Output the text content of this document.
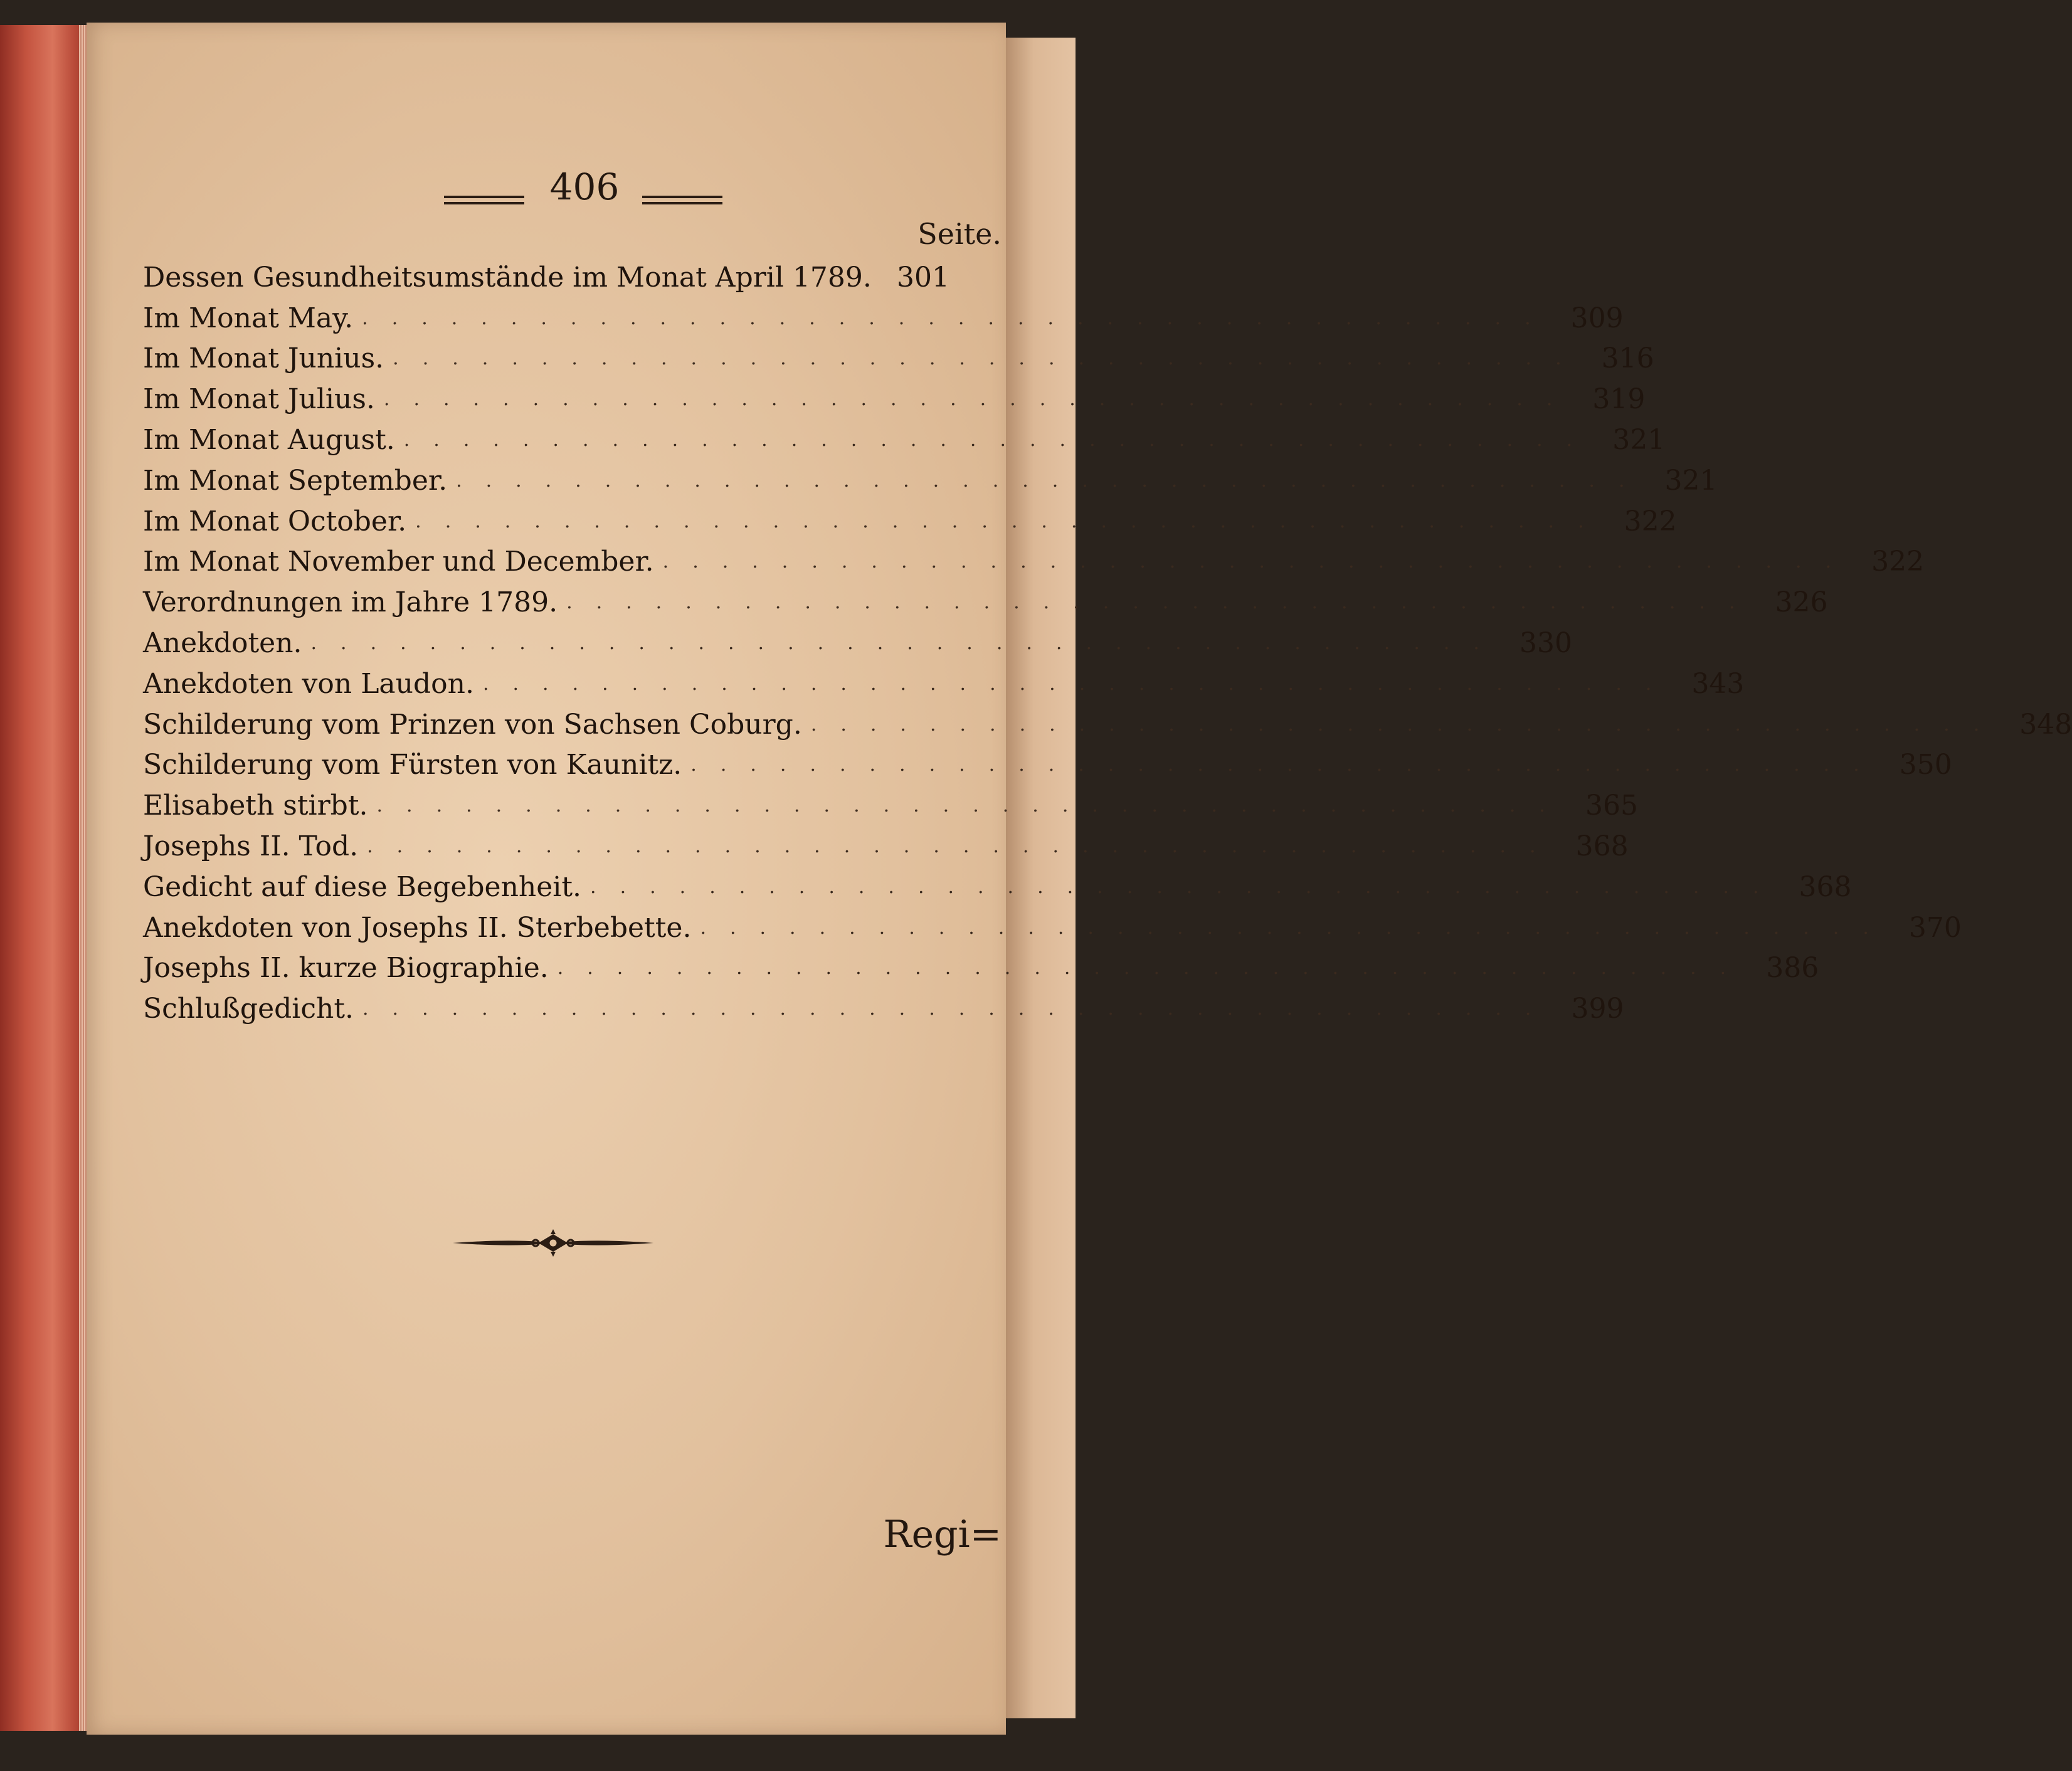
406
Seite.
Dessen Gesundheitsumstände im Monat April 1789. 301
Im Monat May. ........................................ 309
Im Monat Junius. ........................................ 316
Im Monat Julius. ........................................ 319
Im Monat August. ........................................ 321
Im Monat September. ........................................ 321
Im Monat October. ........................................ 322
Im Monat November und December. ........................................ 322
Verordnungen im Jahre 1789. ........................................ 326
Anekdoten. ........................................ 330
Anekdoten von Laudon. ........................................ 343
Schilderung vom Prinzen von Sachsen Coburg. ........................................ 348
Schilderung vom Fürsten von Kaunitz. ........................................ 350
Elisabeth stirbt. ........................................ 365
Josephs II. Tod. ........................................ 368
Gedicht auf diese Begebenheit. ........................................ 368
Anekdoten von Josephs II. Sterbebette. ........................................ 370
Josephs II. kurze Biographie. ........................................ 386
Schlußgedicht. ........................................ 399
Regi=
